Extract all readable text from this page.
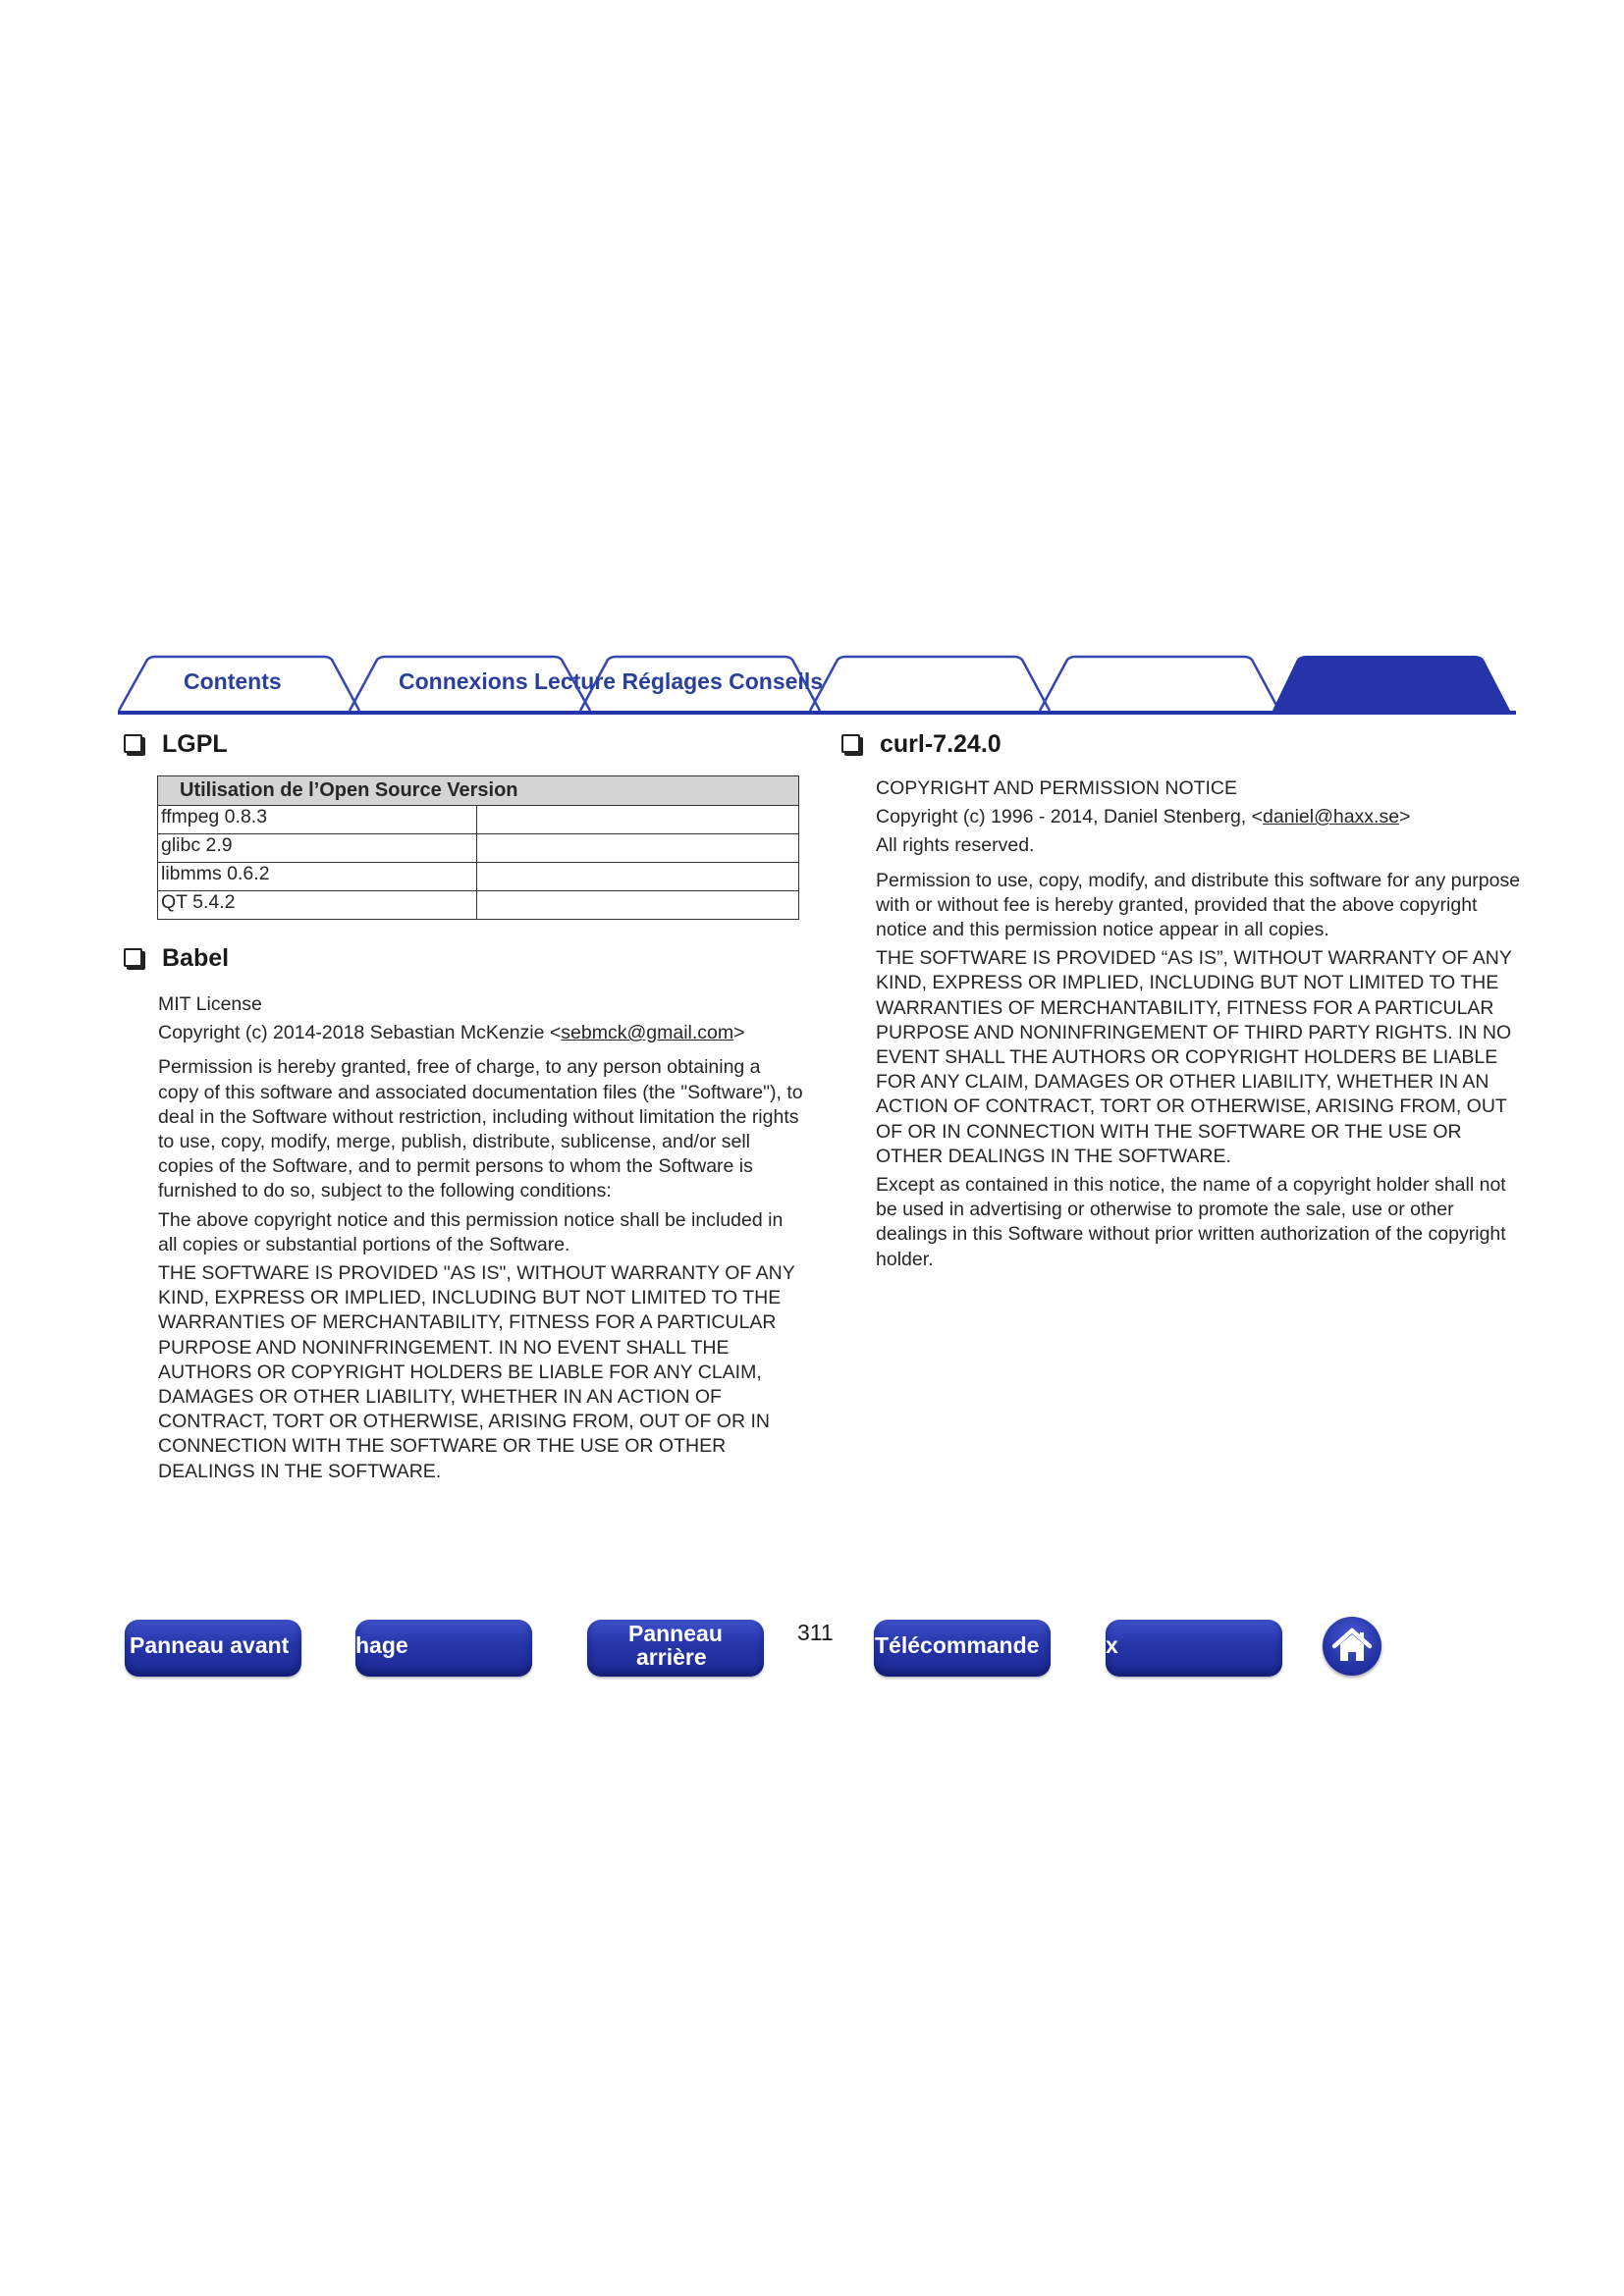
Contents	Connexions Lecture Réglages Conseils
LGPL
Utilisation de l’Open Source Version	
ffmpeg 0.8.3	
glibc 2.9	
libmms 0.6.2	
QT 5.4.2	
Babel

MIT License

Copyright (c) 2014-2018 Sebastian McKenzie <sebmck@gmail.com>

Permission is hereby granted, free of charge, to any person obtaining a copy of this software and associated documentation files (the "Software"), to deal in the Software without restriction, including without limitation the rights to use, copy, modify, merge, publish, distribute, sublicense, and/or sell copies of the Software, and to permit persons to whom the Software is furnished to do so, subject to the following conditions:

The above copyright notice and this permission notice shall be included in all copies or substantial portions of the Software.

THE SOFTWARE IS PROVIDED "AS IS", WITHOUT WARRANTY OF ANY KIND, EXPRESS OR IMPLIED, INCLUDING BUT NOT LIMITED TO THE WARRANTIES OF MERCHANTABILITY, FITNESS FOR A PARTICULAR PURPOSE AND NONINFRINGEMENT. IN NO EVENT SHALL THE AUTHORS OR COPYRIGHT HOLDERS BE LIABLE FOR ANY CLAIM, DAMAGES OR OTHER LIABILITY, WHETHER IN AN ACTION OF CONTRACT, TORT OR OTHERWISE, ARISING FROM, OUT OF OR IN CONNECTION WITH THE SOFTWARE OR THE USE OR OTHER DEALINGS IN THE SOFTWARE.

curl-7.24.0

COPYRIGHT AND PERMISSION NOTICE

Copyright (c) 1996 - 2014, Daniel Stenberg, <daniel@haxx.se>

All rights reserved.

Permission to use, copy, modify, and distribute this software for any purpose with or without fee is hereby granted, provided that the above copyright notice and this permission notice appear in all copies.

THE SOFTWARE IS PROVIDED “AS IS”, WITHOUT WARRANTY OF ANY KIND, EXPRESS OR IMPLIED, INCLUDING BUT NOT LIMITED TO THE WARRANTIES OF MERCHANTABILITY, FITNESS FOR A PARTICULAR PURPOSE AND NONINFRINGEMENT OF THIRD PARTY RIGHTS. IN NO EVENT SHALL THE AUTHORS OR COPYRIGHT HOLDERS BE LIABLE FOR ANY CLAIM, DAMAGES OR OTHER LIABILITY, WHETHER IN AN ACTION OF CONTRACT, TORT OR OTHERWISE, ARISING FROM, OUT OF OR IN CONNECTION WITH THE SOFTWARE OR THE USE OR OTHER DEALINGS IN THE SOFTWARE.

Except as contained in this notice, the name of a copyright holder shall not be used in advertising or otherwise to promote the sale, use or other dealings in this Software without prior written authorization of the copyright holder.

Panneau avant	hage	Panneau
arrière
311 Télécommande	x
